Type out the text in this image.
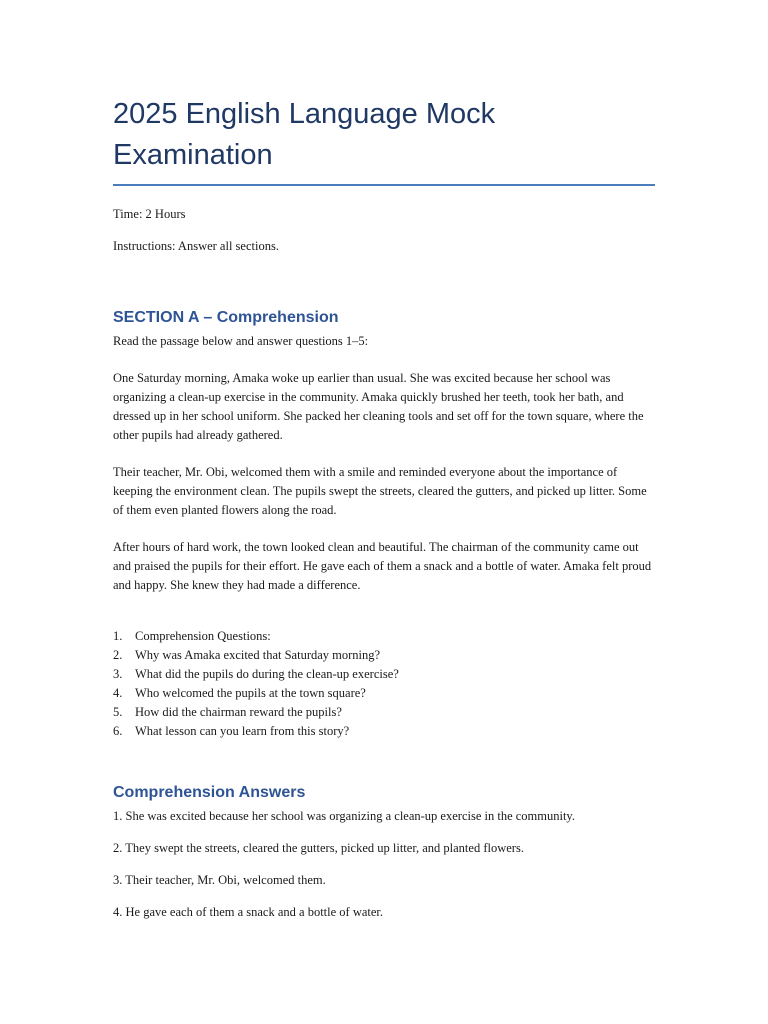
2025 English Language Mock Examination
Time: 2 Hours
Instructions: Answer all sections.
SECTION A – Comprehension
Read the passage below and answer questions 1–5:

One Saturday morning, Amaka woke up earlier than usual. She was excited because her school was organizing a clean-up exercise in the community. Amaka quickly brushed her teeth, took her bath, and dressed up in her school uniform. She packed her cleaning tools and set off for the town square, where the other pupils had already gathered.

Their teacher, Mr. Obi, welcomed them with a smile and reminded everyone about the importance of keeping the environment clean. The pupils swept the streets, cleared the gutters, and picked up litter. Some of them even planted flowers along the road.

After hours of hard work, the town looked clean and beautiful. The chairman of the community came out and praised the pupils for their effort. He gave each of them a snack and a bottle of water. Amaka felt proud and happy. She knew they had made a difference.

1.	Comprehension Questions:
2.	Why was Amaka excited that Saturday morning?
3.	What did the pupils do during the clean-up exercise?
4.	Who welcomed the pupils at the town square?
5.	How did the chairman reward the pupils?
6.	What lesson can you learn from this story?
Comprehension Answers
1. She was excited because her school was organizing a clean-up exercise in the community.
2. They swept the streets, cleared the gutters, picked up litter, and planted flowers.
3. Their teacher, Mr. Obi, welcomed them.
4. He gave each of them a snack and a bottle of water.
